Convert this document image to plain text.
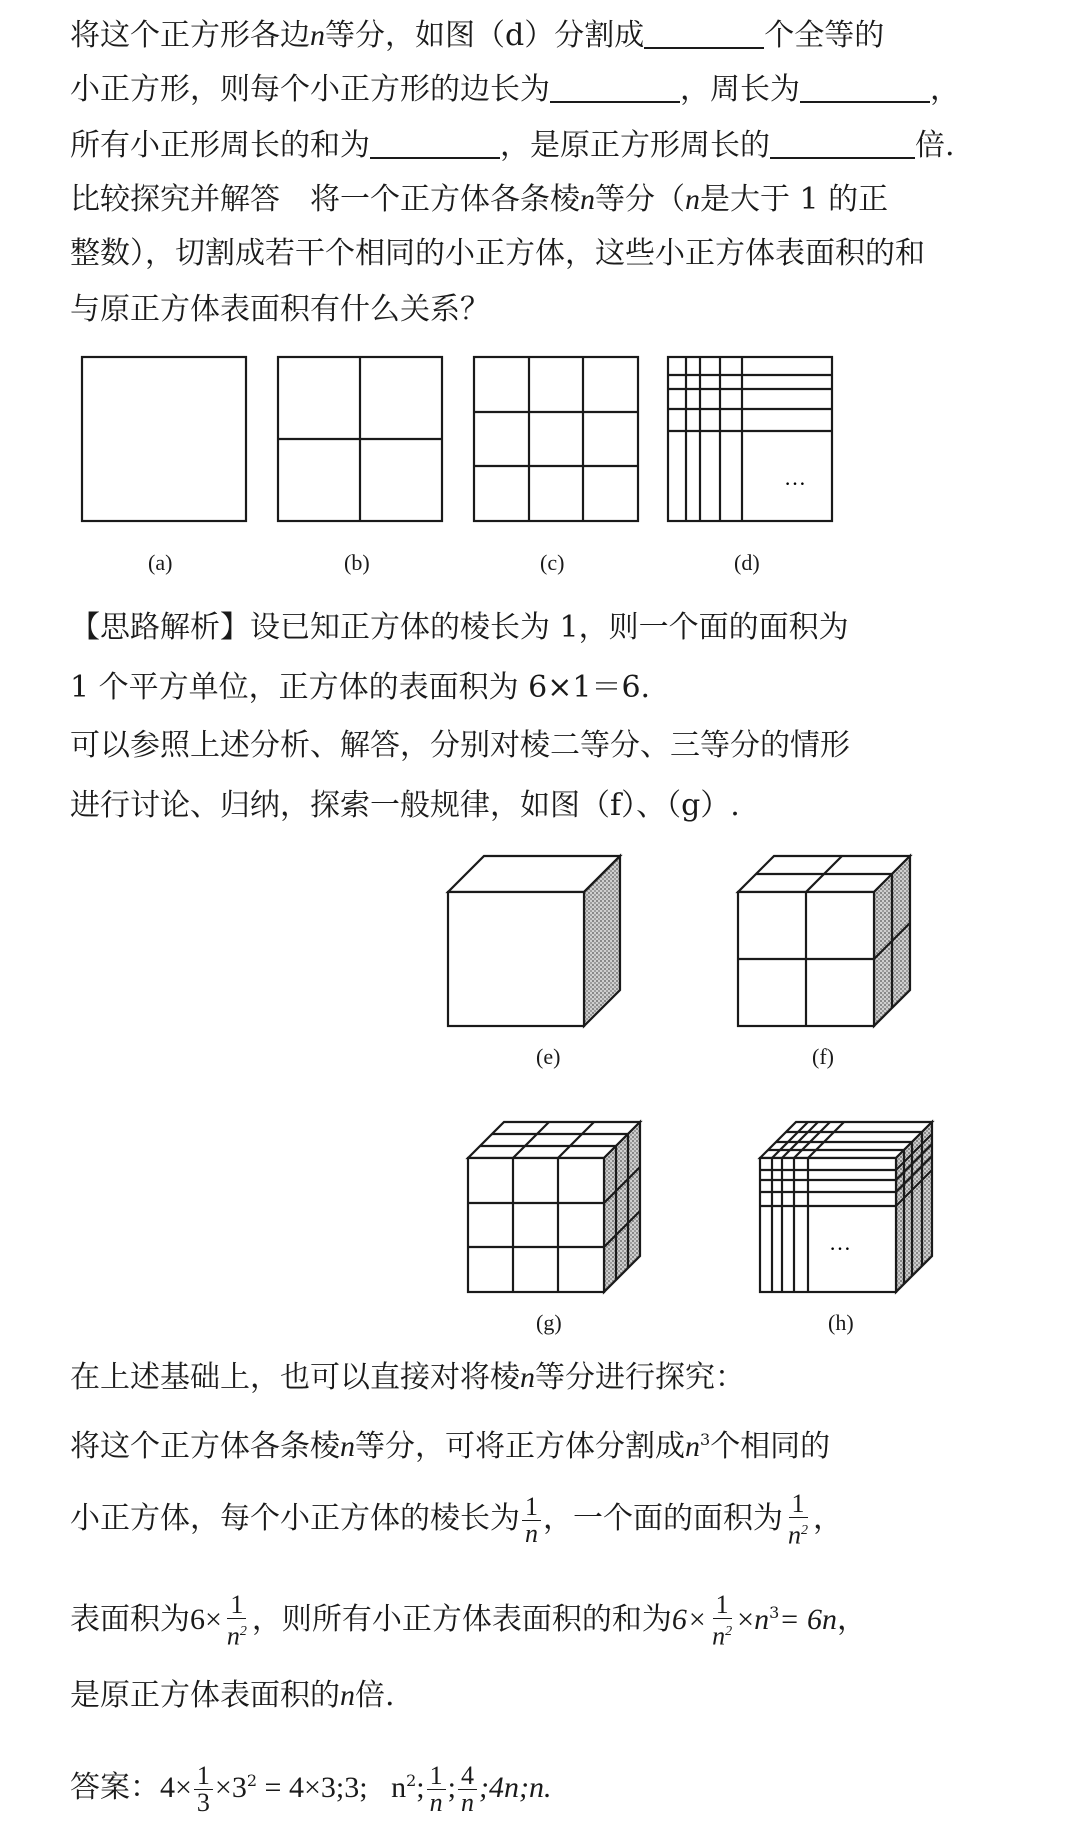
将这个正方形各边n等分，如图（d）分割成	个全等的
小正方形，则每个小正方形的边长为	，周长为	，
所有小正形周长的和为	，是原正方形周长的	倍.
比较探究并解答　将一个正方体各条棱n等分（n是大于 1 的正
整数），切割成若干个相同的小正方体，这些小正方体表面积的和
与原正方体表面积有什么关系？
…
(a)	(b)	(c)	(d)
【思路解析】设已知正方体的棱长为 1，则一个面的面积为
1 个平方单位，正方体的表面积为 6×1＝6.
可以参照上述分析、解答，分别对棱二等分、三等分的情形
进行讨论、归纳，探索一般规律，如图（f）、（g）.
…
(e)	(f)
(g)	(h)
在上述基础上，也可以直接对将棱n等分进行探究：
将这个正方体各条棱n等分，可将正方体分割成$n^3$个相同的
小正方体，每个小正方体的棱长为 $\frac{1}{n}$ ，一个面的面积为 $\frac{1}{n^2}$ ，
表面积为$6\times \frac{1}{n^2}$ ，则所有小正方体表面积的和为$6\times \frac{1}{n^2} \times n^3= 6n$，
是原正方体表面积的n倍.
答案：$4\times \frac{1}{3} \times 3^2$ = 4×3;3; $n^2$; $\frac{1}{n}$ ; $\frac{4}{n}$ ;4n;n.
